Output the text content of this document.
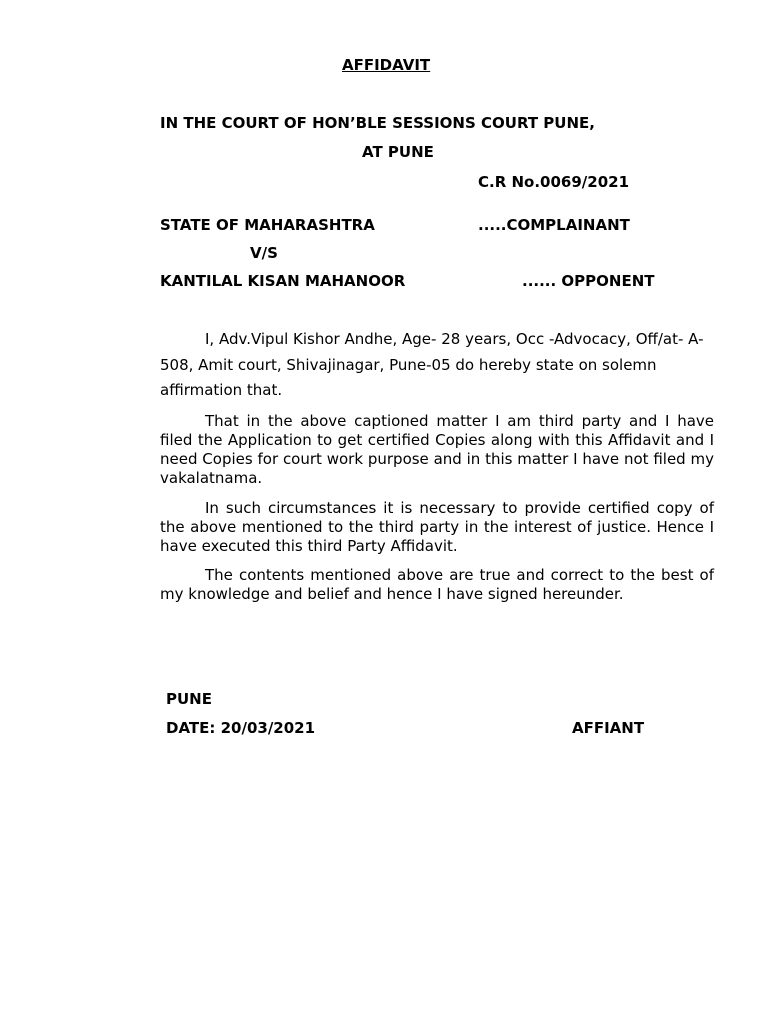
AFFIDAVIT
IN THE COURT OF HON’BLE SESSIONS COURT PUNE,
AT PUNE
C.R No.0069/2021
STATE OF MAHARASHTRA	.....COMPLAINANT
V/S
KANTILAL KISAN MAHANOOR	...... OPPONENT
I, Adv.Vipul Kishor Andhe, Age- 28 years, Occ -Advocacy, Off/at- A-508, Amit court, Shivajinagar, Pune-05 do hereby state on solemn affirmation that.
That in the above captioned matter I am third party and I have filed the Application to get certified Copies along with this Affidavit and I need Copies for court work purpose and in this matter I have not filed my vakalatnama.
In such circumstances it is necessary to provide certified copy of the above mentioned to the third party in the interest of justice. Hence I have executed this third Party Affidavit.
The contents mentioned above are true and correct to the best of my knowledge and belief and hence I have signed hereunder.
PUNE
DATE: 20/03/2021	AFFIANT
